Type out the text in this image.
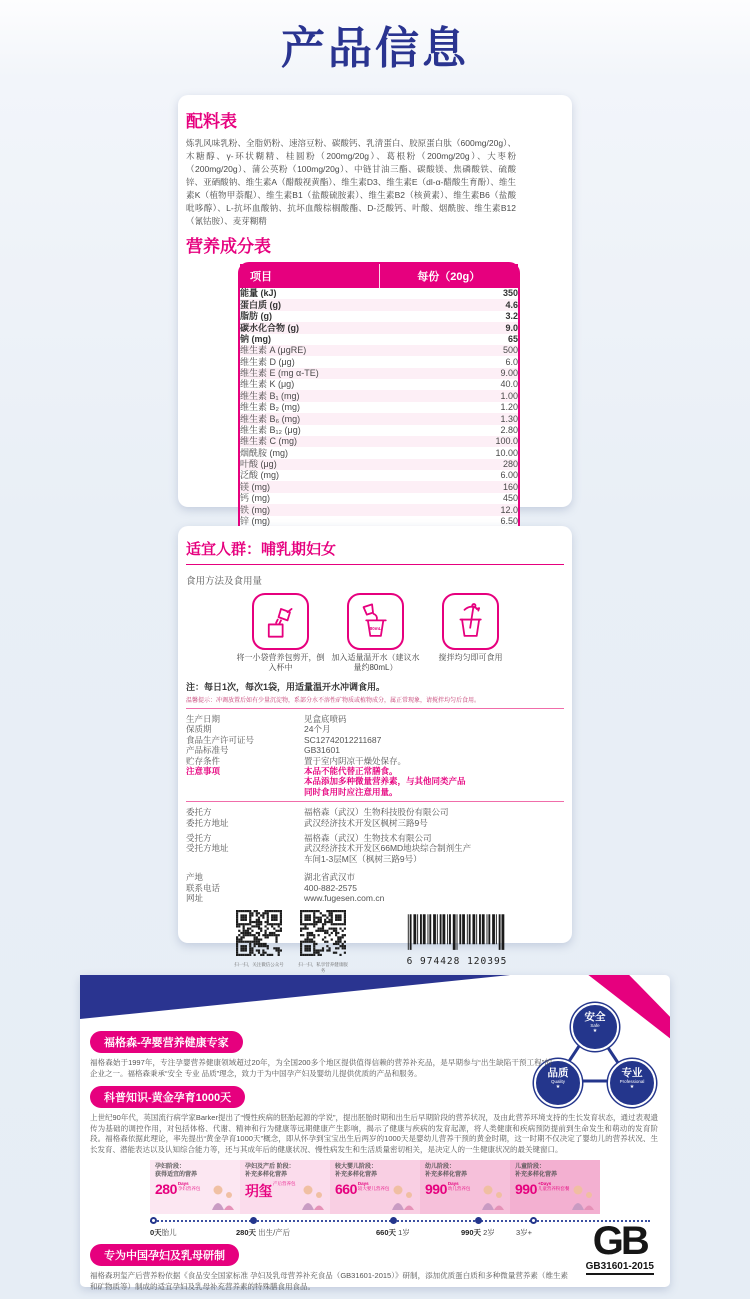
产品信息
配料表
炼乳风味乳粉、全脂奶粉、速溶豆粉、碳酸钙、乳清蛋白、胶原蛋白肽（600mg/20g）、木糖醇、γ-环状糊精、桂圆粉（200mg/20g）、葛根粉（200mg/20g）、大枣粉（200mg/20g）、蒲公英粉（100mg/20g）、中链甘油三酯、碳酸镁、焦磷酸铁、硫酸锌、亚硒酸钠、维生素A（醋酸视黄酯）、维生素D3、维生素E（dl-α-醋酸生育酚）、维生素K（植物甲萘醌）、维生素B1（盐酸硫胺素）、维生素B2（核黄素）、维生素B6（盐酸吡哆醇）、L-抗坏血酸钠、抗坏血酸棕榈酸酯、D-泛酸钙、叶酸、烟酰胺、维生素B12（氰钴胺）、麦芽糊精
营养成分表
项目	每份（20g）
能量 (kJ)	350
蛋白质 (g)	4.6
脂肪 (g)	3.2
碳水化合物 (g)	9.0
钠 (mg)	65
维生素 A (μgRE)	500
维生素 D (μg)	6.0
维生素 E (mg α-TE)	9.00
维生素 K (μg)	40.0
维生素 B₁ (mg)	1.00
维生素 B₂ (mg)	1.20
维生素 B₆ (mg)	1.30
维生素 B₁₂ (μg)	2.80
维生素 C (mg)	100.0
烟酰胺 (mg)	10.00
叶酸 (μg)	280
泛酸 (mg)	6.00
镁 (mg)	160
钙 (mg)	450
铁 (mg)	12.0
锌 (mg)	6.50

适宜人群：哺乳期妇女
食用方法及食用量
将一小袋营养包剪开，倒入杯中
80mL
加入适量温开水（建议水量约80mL）
搅拌均匀即可食用
注：每日1次，每次1袋，用适量温开水冲调食用。
温馨提示：冲调放置后如有少量沉淀物，系部分水不溶性矿物质或植物成分，属正常现象，请搅拌均匀后食用。
生产日期	见盒底喷码
保质期	24个月
食品生产许可证号	SC12742012211687
产品标准号	GB31601
贮存条件	置于室内阴凉干燥处保存。
注意事项	本品不能代替正常膳食。
本品添加多种微量营养素，与其他同类产品
同时食用时应注意用量。
委托方	福格森（武汉）生物科技股份有限公司
委托方地址	武汉经济技术开发区枫树三路9号
受托方	福格森（武汉）生物技术有限公司
受托方地址	武汉经济技术开发区66MD地块综合制剂生产
车间1-3层M区（枫树三路9号）
产地	湖北省武汉市
联系电话	400-882-2575
网址	www.fugesen.com.cn
扫一扫，关注微信公众号	扫一扫，私享营养健康服务
6 974428 120395
安全
Safe
★
品质
Quality
★
专业
Professional
★
福格森-孕婴营养健康专家
福格森始于1997年，专注孕婴营养健康领域超过20年，为全国200多个地区提供值得信赖的营养补充品，是早期参与“出生缺陷干预工程”的企业之一。福格森秉承“安全 专业 品质”理念，致力于为中国孕产妇及婴幼儿提供优质的产品和服务。
科普知识-黄金孕育1000天
上世纪90年代，英国流行病学家Barker提出了“慢性疾病的胚胎起源的学说”，提出胚胎时期和出生后早期阶段的营养状况，及由此营养环境支持的生长发育状态，通过表观遗传为基础的调控作用，对包括体格、代谢、精神和行为健康等远期健康产生影响，揭示了健康与疾病的发育起源，将人类健康和疾病预防提前到生命发生和萌动的发育阶段。福格森依据此理论，率先提出“黄金孕育1000天”概念，即从怀孕到宝宝出生后两岁的1000天是婴幼儿营养干预的黄金时期，这一时期不仅决定了婴幼儿的营养状况、生长发育、潜能表达以及认知综合能力等，还与其成年后的健康状况、慢性病发生和生活质量密切相关，是决定人的一生健康状况的最关键窗口。
孕妇阶段：
获得适宜的营养
280 Days
孕妇营养包
孕妇及产后 阶段：
补充多样化营养
玥玺 产后营养包
较大婴儿阶段：
补充多样化营养
660 Days
较大婴儿营养包
幼儿阶段：
补充多样化营养
990 Days
幼儿营养包
儿童阶段：
补充多样化营养
990 +Days
儿童营养粉套餐
0天胎儿	280天 出生/产后	660天 1岁	990天 2岁	3岁+
专为中国孕妇及乳母研制
福格森玥玺产后营养粉依据《食品安全国家标准 孕妇及乳母营养补充食品（GB31601-2015）》研制，添加优质蛋白质和多种微量营养素（维生素和矿物质等）制成的适宜孕妇及乳母补充营养素的特殊膳食用食品。
GB
GB31601-2015
